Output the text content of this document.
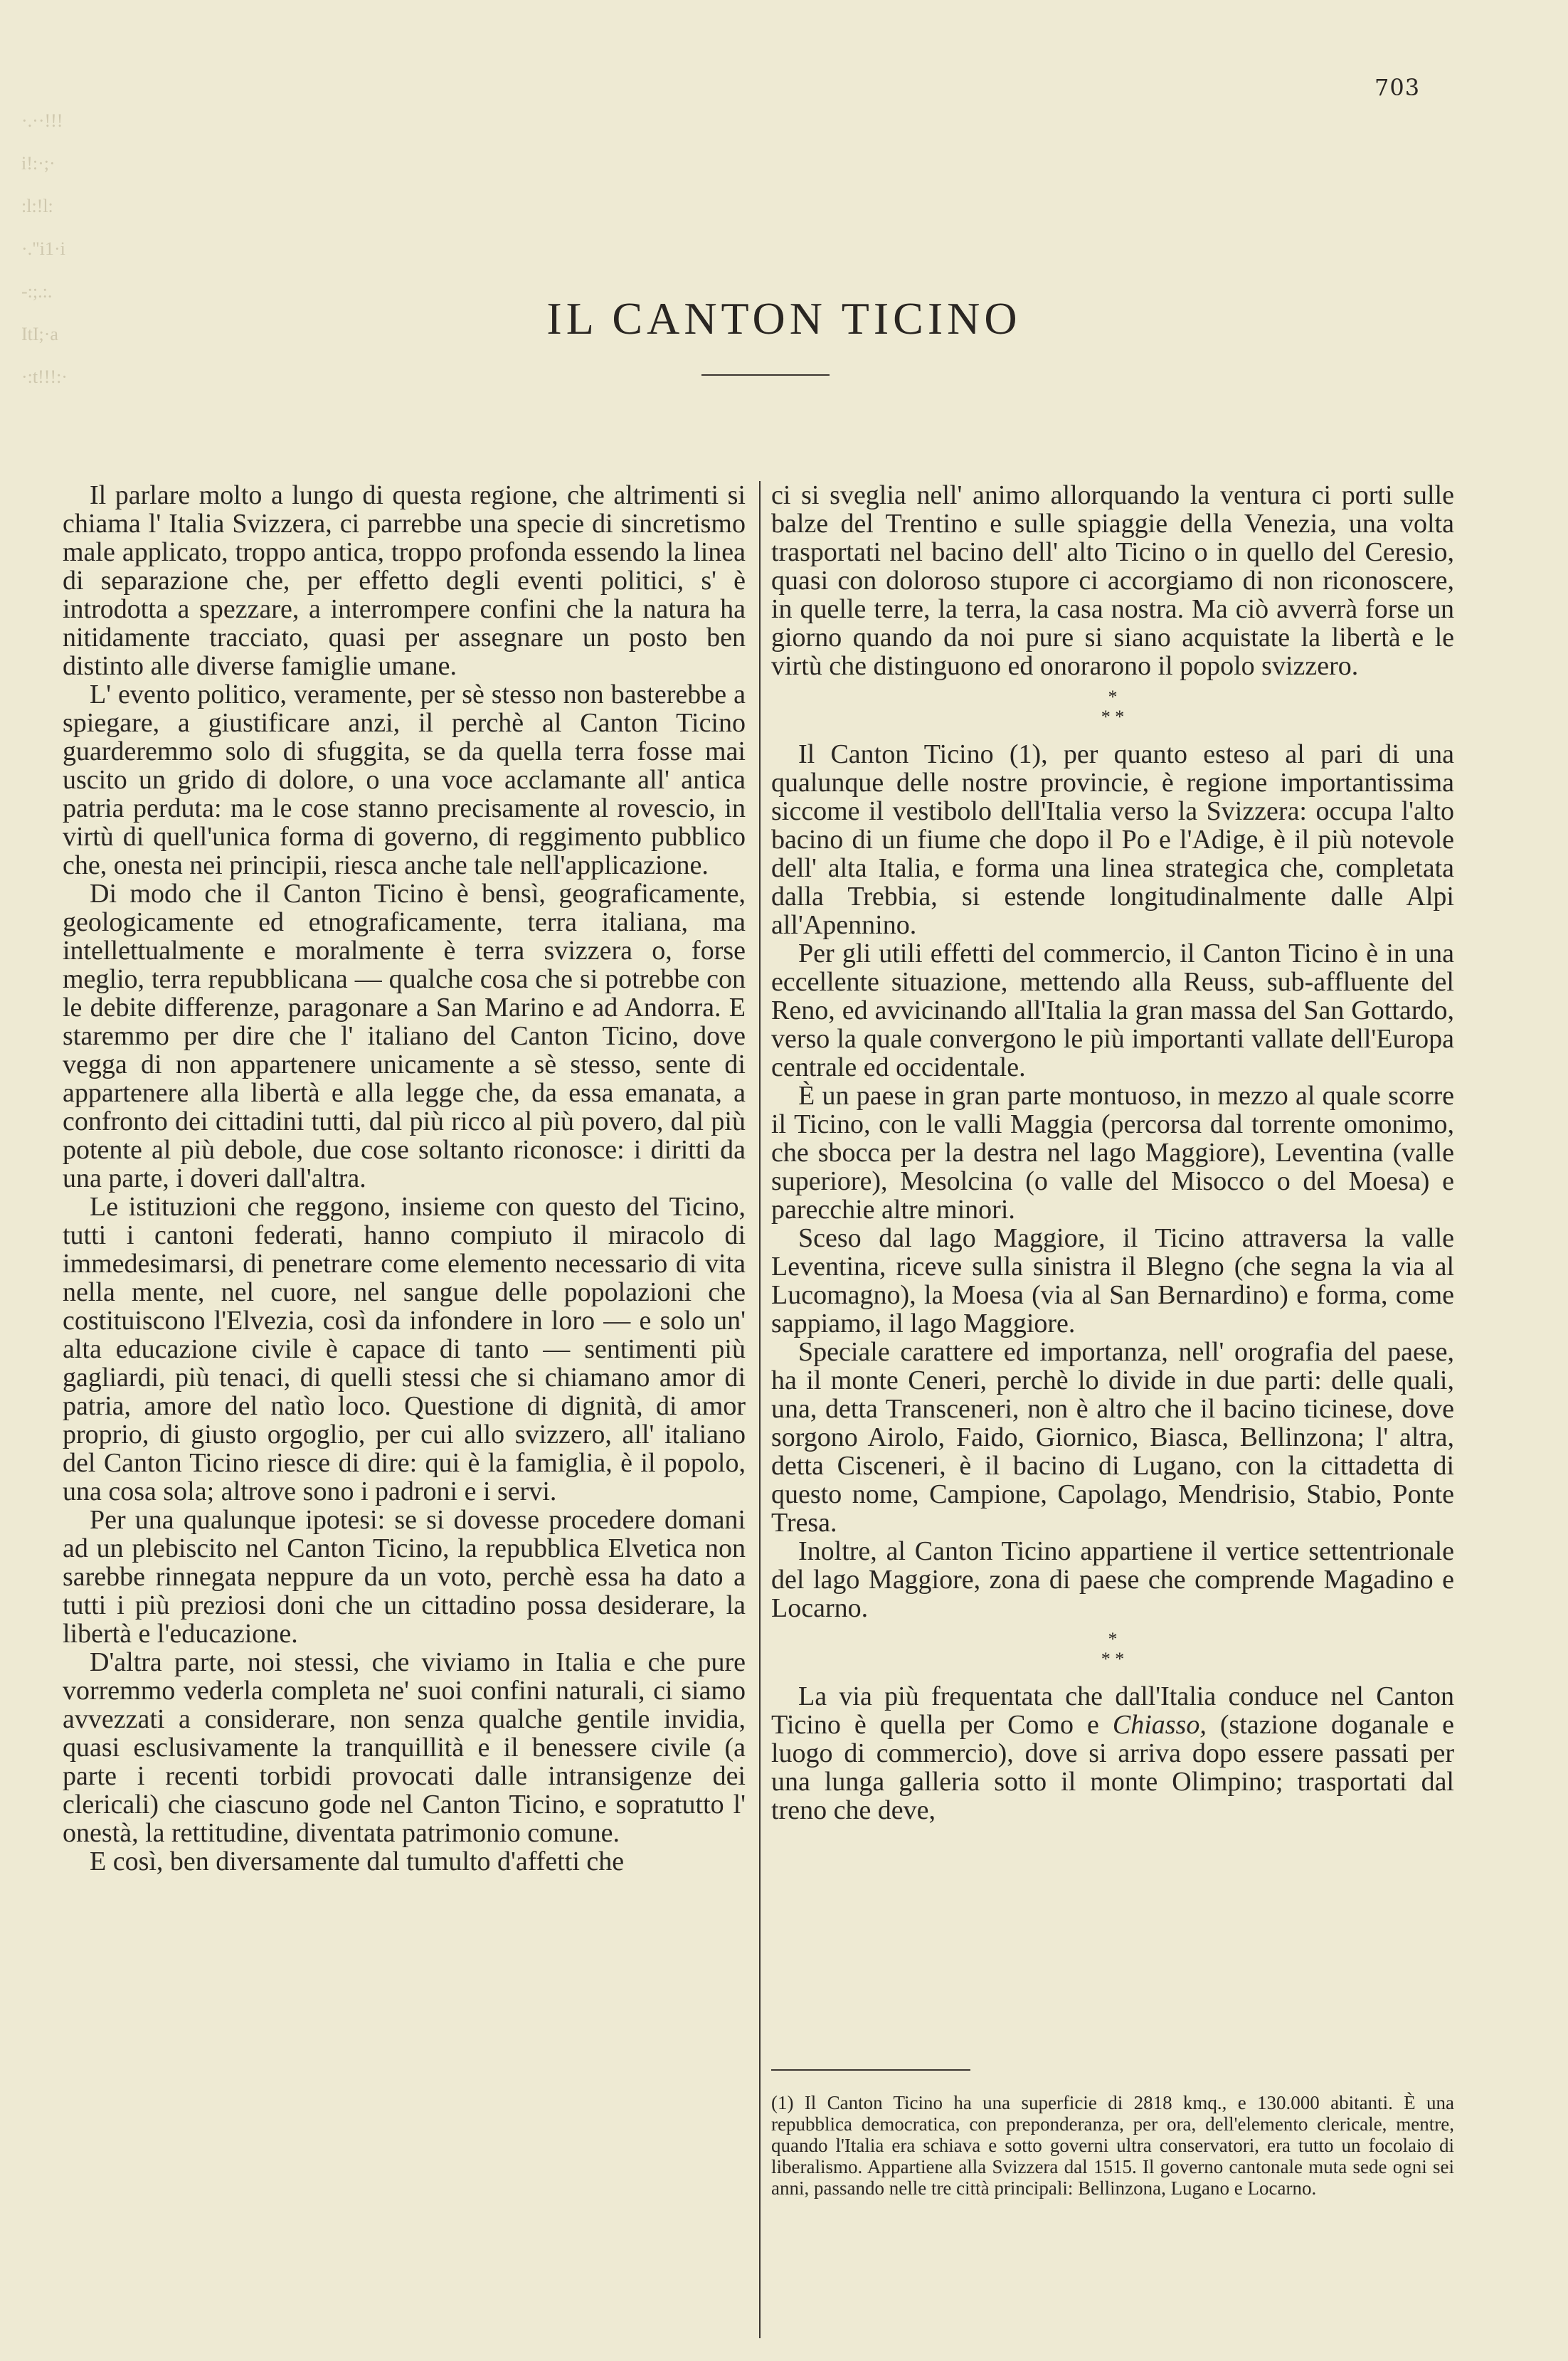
·.··!!!
i!:·;·
:l:!l:
·."i1·i
-:;.:.
ItI;·a
·:t!!!:·
703
IL CANTON TICINO

Il parlare molto a lungo di questa regione, che altrimenti si chiama l' Italia Svizzera, ci parrebbe una specie di sincretismo male applicato, troppo antica, troppo profonda essendo la linea di separazione che, per effetto degli eventi politici, s' è introdotta a spezzare, a interrompere confini che la natura ha nitidamente tracciato, quasi per assegnare un posto ben distinto alle diverse famiglie umane.

L' evento politico, veramente, per sè stesso non basterebbe a spiegare, a giustificare anzi, il perchè al Canton Ticino guarderemmo solo di sfuggita, se da quella terra fosse mai uscito un grido di dolore, o una voce acclamante all' antica patria perduta: ma le cose stanno precisamente al rovescio, in virtù di quell'unica forma di governo, di reggimento pubblico che, onesta nei principii, riesca anche tale nell'applicazione.

Di modo che il Canton Ticino è bensì, geograficamente, geologicamente ed etnograficamente, terra italiana, ma intellettualmente e moralmente è terra svizzera o, forse meglio, terra repubblicana — qualche cosa che si potrebbe con le debite differenze, paragonare a San Marino e ad Andorra. E staremmo per dire che l' italiano del Canton Ticino, dove vegga di non appartenere unicamente a sè stesso, sente di appartenere alla libertà e alla legge che, da essa emanata, a confronto dei cittadini tutti, dal più ricco al più povero, dal più potente al più debole, due cose soltanto riconosce: i diritti da una parte, i doveri dall'altra.

Le istituzioni che reggono, insieme con questo del Ticino, tutti i cantoni federati, hanno compiuto il miracolo di immedesimarsi, di penetrare come elemento necessario di vita nella mente, nel cuore, nel sangue delle popolazioni che costituiscono l'Elvezia, così da infondere in loro — e solo un' alta educazione civile è capace di tanto — sentimenti più gagliardi, più tenaci, di quelli stessi che si chiamano amor di patria, amore del natìo loco. Questione di dignità, di amor proprio, di giusto orgoglio, per cui allo svizzero, all' italiano del Canton Ticino riesce di dire: qui è la famiglia, è il popolo, una cosa sola; altrove sono i padroni e i servi.

Per una qualunque ipotesi: se si dovesse procedere domani ad un plebiscito nel Canton Ticino, la repubblica Elvetica non sarebbe rinnegata neppure da un voto, perchè essa ha dato a tutti i più preziosi doni che un cittadino possa desiderare, la libertà e l'educazione.

D'altra parte, noi stessi, che viviamo in Italia e che pure vorremmo vederla completa ne' suoi confini naturali, ci siamo avvezzati a considerare, non senza qualche gentile invidia, quasi esclusivamente la tranquillità e il benessere civile (a parte i recenti torbidi provocati dalle intransigenze dei clericali) che ciascuno gode nel Canton Ticino, e sopratutto l' onestà, la rettitudine, diventata patrimonio comune.

E così, ben diversamente dal tumulto d'affetti che

ci si sveglia nell' animo allorquando la ventura ci porti sulle balze del Trentino e sulle spiaggie della Venezia, una volta trasportati nel bacino dell' alto Ticino o in quello del Ceresio, quasi con doloroso stupore ci accorgiamo di non riconoscere, in quelle terre, la terra, la casa nostra. Ma ciò avverrà forse un giorno quando da noi pure si siano acquistate la libertà e le virtù che distinguono ed onorarono il popolo svizzero.

*
* *

Il Canton Ticino (1), per quanto esteso al pari di una qualunque delle nostre provincie, è regione importantissima siccome il vestibolo dell'Italia verso la Svizzera: occupa l'alto bacino di un fiume che dopo il Po e l'Adige, è il più notevole dell' alta Italia, e forma una linea strategica che, completata dalla Trebbia, si estende longitudinalmente dalle Alpi all'Apennino.

Per gli utili effetti del commercio, il Canton Ticino è in una eccellente situazione, mettendo alla Reuss, sub-affluente del Reno, ed avvicinando all'Italia la gran massa del San Gottardo, verso la quale convergono le più importanti vallate dell'Europa centrale ed occidentale.

È un paese in gran parte montuoso, in mezzo al quale scorre il Ticino, con le valli Maggia (percorsa dal torrente omonimo, che sbocca per la destra nel lago Maggiore), Leventina (valle superiore), Mesolcina (o valle del Misocco o del Moesa) e parecchie altre minori.

Sceso dal lago Maggiore, il Ticino attraversa la valle Leventina, riceve sulla sinistra il Blegno (che segna la via al Lucomagno), la Moesa (via al San Bernardino) e forma, come sappiamo, il lago Maggiore.

Speciale carattere ed importanza, nell' orografia del paese, ha il monte Ceneri, perchè lo divide in due parti: delle quali, una, detta Transceneri, non è altro che il bacino ticinese, dove sorgono Airolo, Faido, Giornico, Biasca, Bellinzona; l' altra, detta Cisceneri, è il bacino di Lugano, con la cittadetta di questo nome, Campione, Capolago, Mendrisio, Stabio, Ponte Tresa.

Inoltre, al Canton Ticino appartiene il vertice settentrionale del lago Maggiore, zona di paese che comprende Magadino e Locarno.

*
* *

La via più frequentata che dall'Italia conduce nel Canton Ticino è quella per Como e Chiasso, (stazione doganale e luogo di commercio), dove si arriva dopo essere passati per una lunga galleria sotto il monte Olimpino; trasportati dal treno che deve,

(1) Il Canton Ticino ha una superficie di 2818 kmq., e 130.000 abitanti. È una repubblica democratica, con preponderanza, per ora, dell'elemento clericale, mentre, quando l'Italia era schiava e sotto governi ultra conservatori, era tutto un focolaio di liberalismo. Appartiene alla Svizzera dal 1515. Il governo cantonale muta sede ogni sei anni, passando nelle tre città principali: Bellinzona, Lugano e Locarno.
